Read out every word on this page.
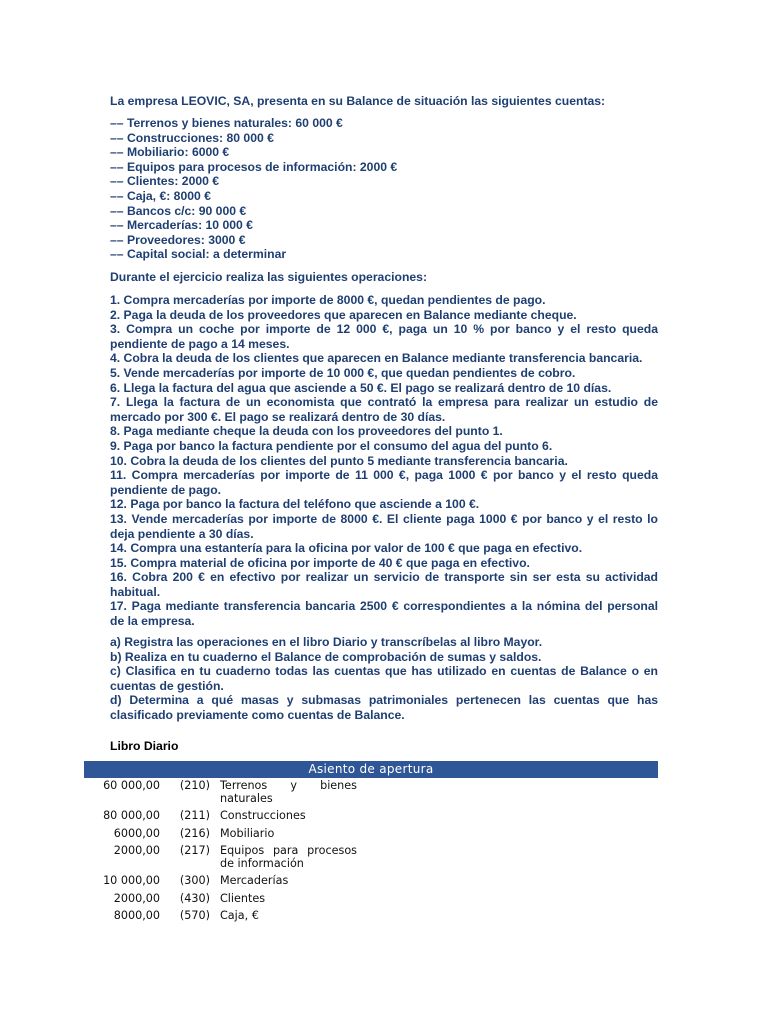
La empresa LEOVIC, SA, presenta en su Balance de situación las siguientes cuentas:
–– Terrenos y bienes naturales: 60 000 €
–– Construcciones: 80 000 €
–– Mobiliario: 6000 €
–– Equipos para procesos de información: 2000 €
–– Clientes: 2000 €
–– Caja, €: 8000 €
–– Bancos c/c: 90 000 €
–– Mercaderías: 10 000 €
–– Proveedores: 3000 €
–– Capital social: a determinar
Durante el ejercicio realiza las siguientes operaciones:
1. Compra mercaderías por importe de 8000 €, quedan pendientes de pago.
2. Paga la deuda de los proveedores que aparecen en Balance mediante cheque.
3. Compra un coche por importe de 12 000 €, paga un 10 % por banco y el resto queda pendiente de pago a 14 meses.
4. Cobra la deuda de los clientes que aparecen en Balance mediante transferencia bancaria.
5. Vende mercaderías por importe de 10 000 €, que quedan pendientes de cobro.
6. Llega la factura del agua que asciende a 50 €. El pago se realizará dentro de 10 días.
7. Llega la factura de un economista que contrató la empresa para realizar un estudio de mercado por 300 €. El pago se realizará dentro de 30 días.
8. Paga mediante cheque la deuda con los proveedores del punto 1.
9. Paga por banco la factura pendiente por el consumo del agua del punto 6.
10. Cobra la deuda de los clientes del punto 5 mediante transferencia bancaria.
11. Compra mercaderías por importe de 11 000 €, paga 1000 € por banco y el resto queda pendiente de pago.
12. Paga por banco la factura del teléfono que asciende a 100 €.
13. Vende mercaderías por importe de 8000 €. El cliente paga 1000 € por banco y el resto lo deja pendiente a 30 días.
14. Compra una estantería para la oficina por valor de 100 € que paga en efectivo.
15. Compra material de oficina por importe de 40 € que paga en efectivo.
16. Cobra 200 € en efectivo por realizar un servicio de transporte sin ser esta su actividad habitual.
17. Paga mediante transferencia bancaria 2500 € correspondientes a la nómina del personal de la empresa.
a) Registra las operaciones en el libro Diario y transcríbelas al libro Mayor.
b) Realiza en tu cuaderno el Balance de comprobación de sumas y saldos.
c) Clasifica en tu cuaderno todas las cuentas que has utilizado en cuentas de Balance o en cuentas de gestión.
d) Determina a qué masas y submasas patrimoniales pertenecen las cuentas que has clasificado previamente como cuentas de Balance.
Libro Diario
Asiento de apertura
60 000,00	(210) Terrenos y bienes naturales
80 000,00	(211) Construcciones
6000,00	(216) Mobiliario
2000,00	(217) Equipos para procesos de información
10 000,00	(300) Mercaderías
2000,00	(430) Clientes
8000,00	(570) Caja, €
